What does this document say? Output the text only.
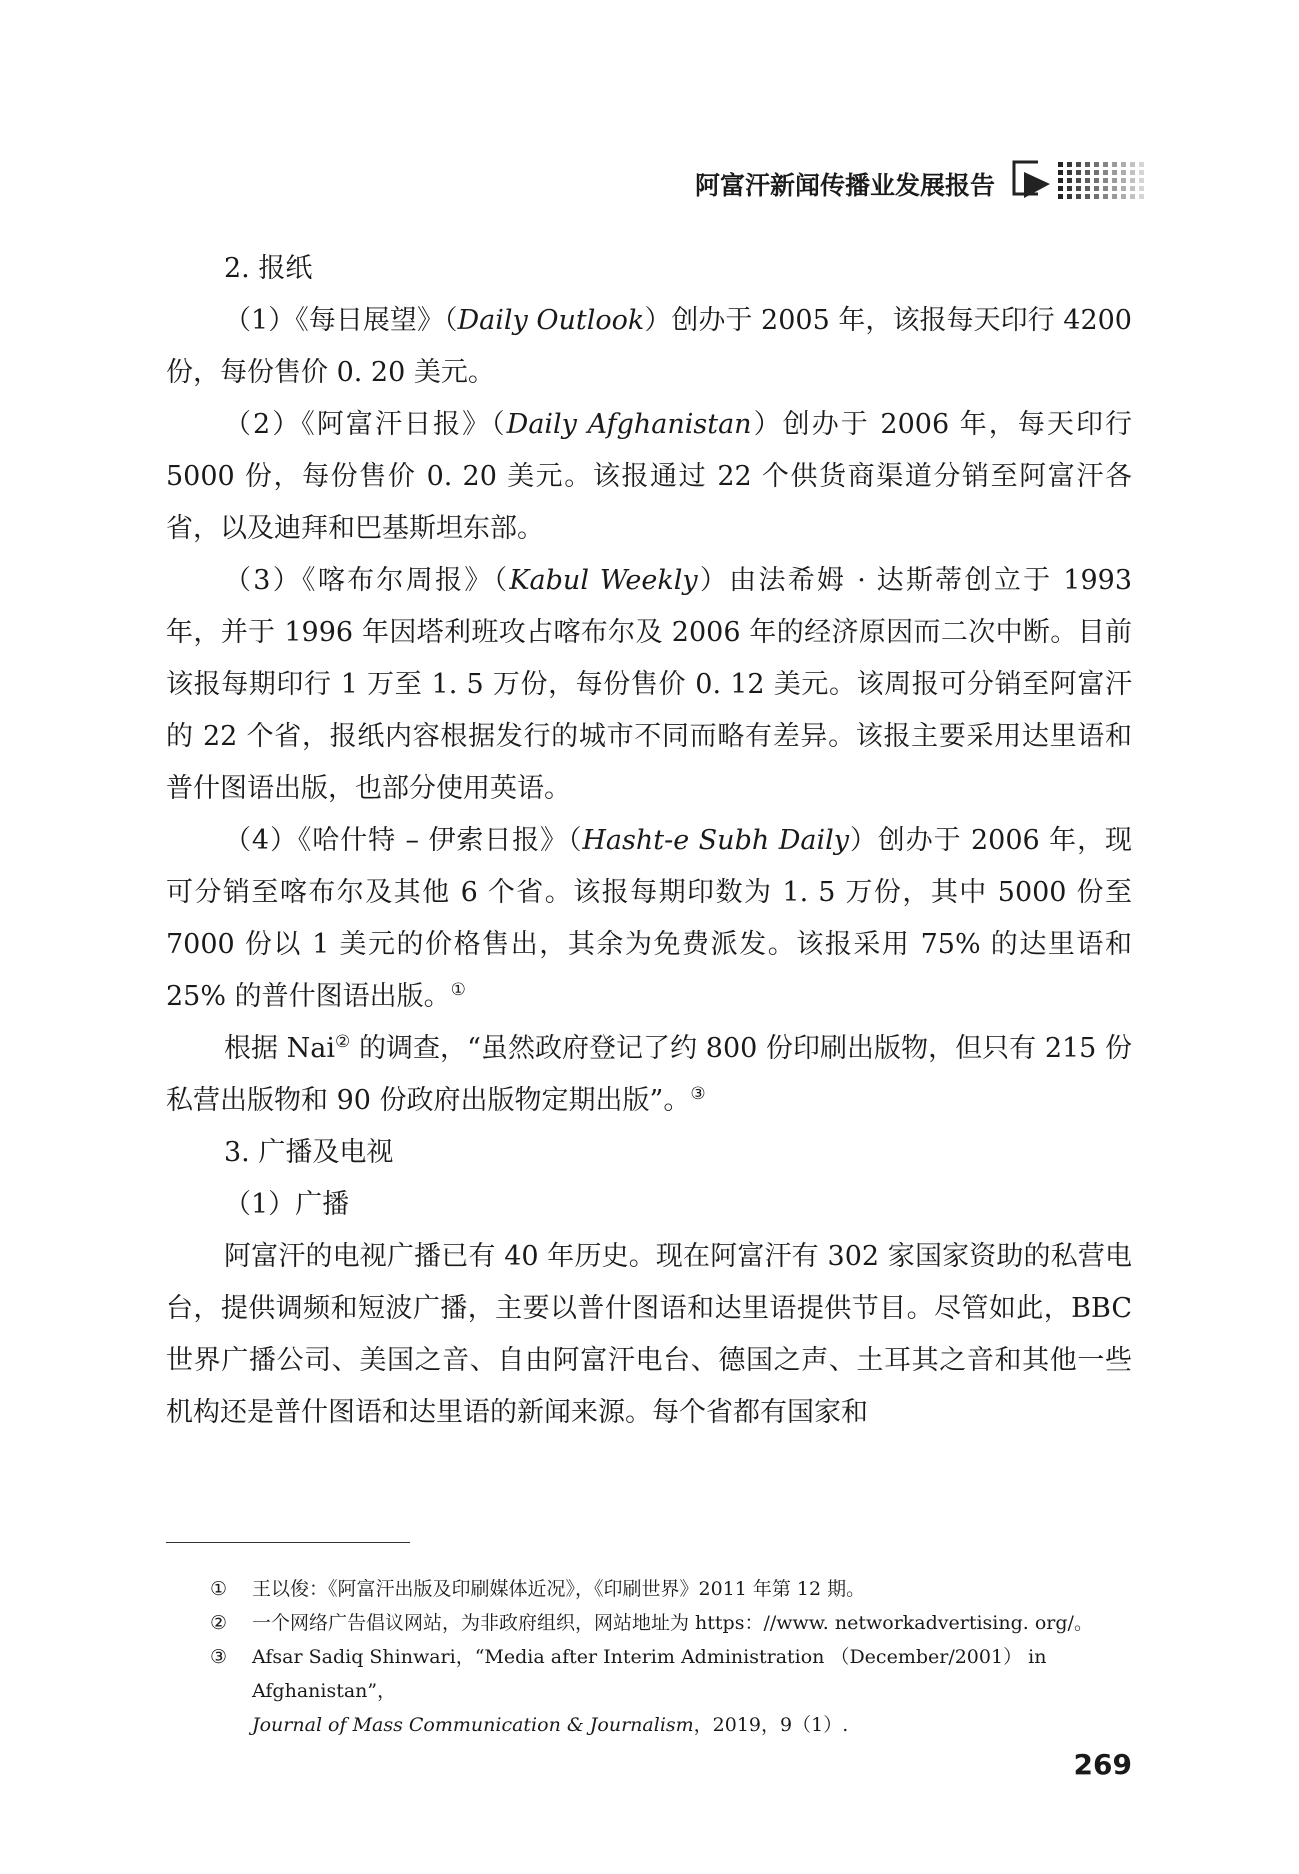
阿富汗新闻传播业发展报告

2. 报纸

（1）《每日展望》（Daily Outlook）创办于 2005 年，该报每天印行 4200 份，每份售价 0. 20 美元。

（2）《阿富汗日报》（Daily Afghanistan）创办于 2006 年，每天印行 5000 份，每份售价 0. 20 美元。该报通过 22 个供货商渠道分销至阿富汗各省，以及迪拜和巴基斯坦东部。

（3）《喀布尔周报》（Kabul Weekly）由法希姆 · 达斯蒂创立于 1993 年，并于 1996 年因塔利班攻占喀布尔及 2006 年的经济原因而二次中断。目前该报每期印行 1 万至 1. 5 万份，每份售价 0. 12 美元。该周报可分销至阿富汗的 22 个省，报纸内容根据发行的城市不同而略有差异。该报主要采用达里语和普什图语出版，也部分使用英语。

（4）《哈什特 – 伊索日报》（Hasht-e Subh Daily）创办于 2006 年，现可分销至喀布尔及其他 6 个省。该报每期印数为 1. 5 万份，其中 5000 份至 7000 份以 1 美元的价格售出，其余为免费派发。该报采用 75% 的达里语和 25% 的普什图语出版。①

根据 Nai② 的调查，“虽然政府登记了约 800 份印刷出版物，但只有 215 份私营出版物和 90 份政府出版物定期出版”。③

3. 广播及电视

（1）广播

阿富汗的电视广播已有 40 年历史。现在阿富汗有 302 家国家资助的私营电台，提供调频和短波广播，主要以普什图语和达里语提供节目。尽管如此，BBC 世界广播公司、美国之音、自由阿富汗电台、德国之声、土耳其之音和其他一些机构还是普什图语和达里语的新闻来源。每个省都有国家和

①	王以俊：《阿富汗出版及印刷媒体近况》，《印刷世界》2011 年第 12 期。
②	一个网络广告倡议网站，为非政府组织，网站地址为 https：//www. networkadvertising. org/。
③	Afsar Sadiq Shinwari，“Media after Interim Administration （December/2001） in Afghanistan”，
Journal of Mass Communication & Journalism，2019，9（1）.
269
